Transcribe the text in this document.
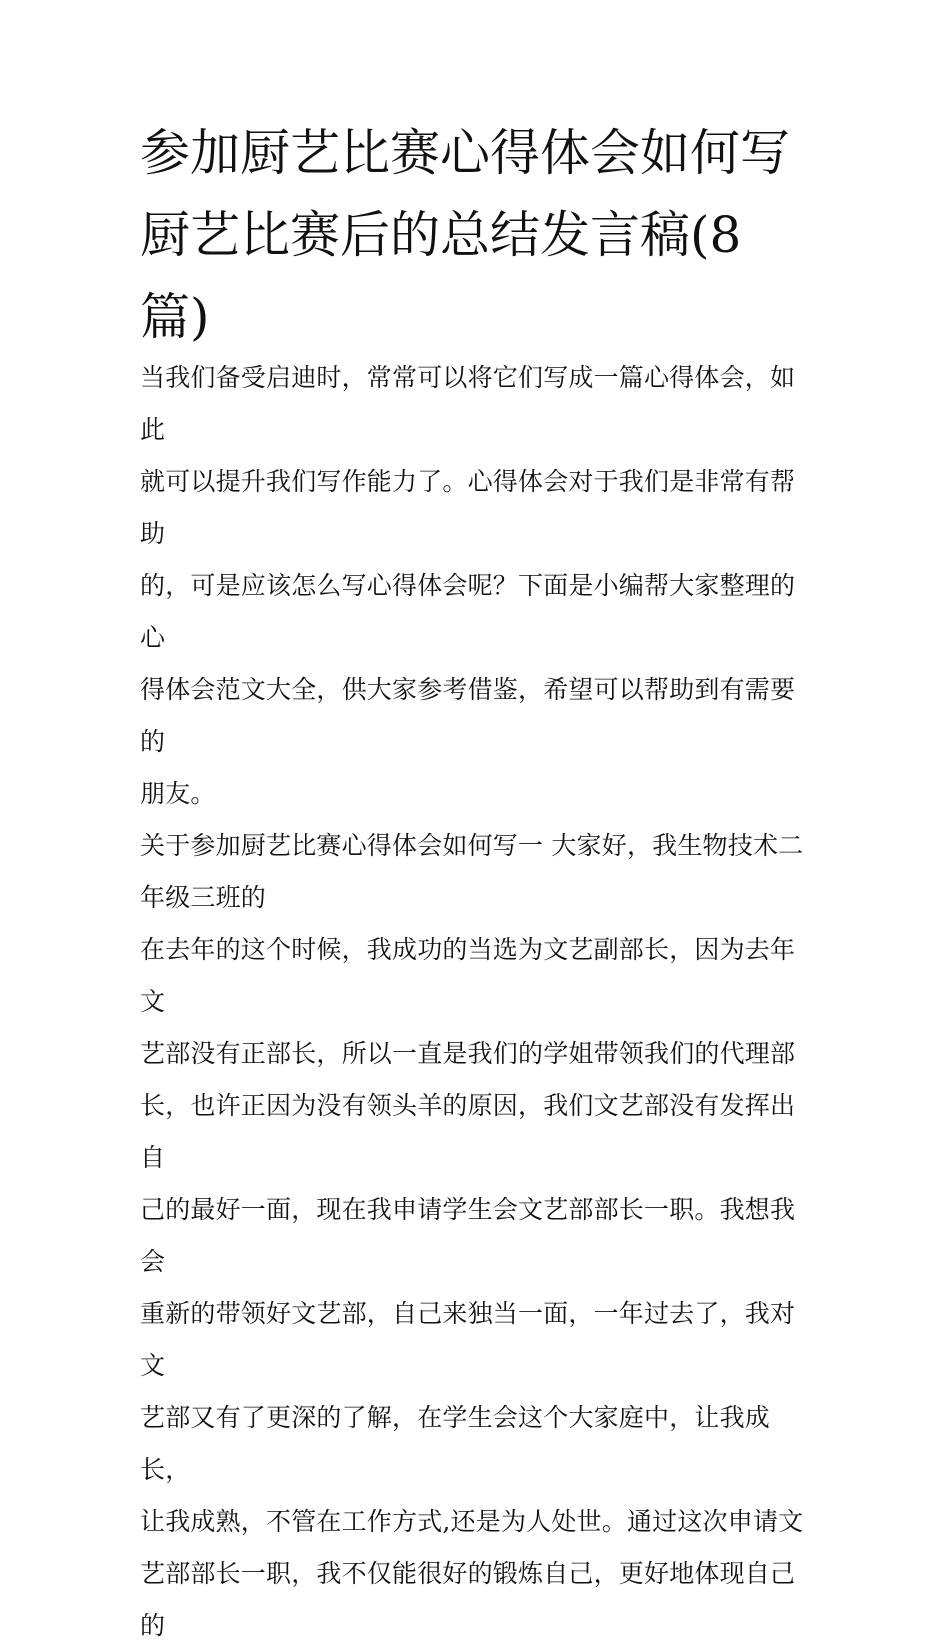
参加厨艺比赛心得体会如何写
厨艺比赛后的总结发言稿(8
篇)
当我们备受启迪时，常常可以将它们写成一篇心得体会，如此
就可以提升我们写作能力了。心得体会对于我们是非常有帮助
的，可是应该怎么写心得体会呢？下面是小编帮大家整理的心
得体会范文大全，供大家参考借鉴，希望可以帮助到有需要的
朋友。
关于参加厨艺比赛心得体会如何写一 大家好，我生物技术二
年级三班的
在去年的这个时候，我成功的当选为文艺副部长，因为去年文
艺部没有正部长，所以一直是我们的学姐带领我们的代理部
长，也许正因为没有领头羊的原因，我们文艺部没有发挥出自
己的最好一面，现在我申请学生会文艺部部长一职。我想我会
重新的带领好文艺部，自己来独当一面，一年过去了，我对文
艺部又有了更深的了解，在学生会这个大家庭中，让我成长，
让我成熟，不管在工作方式,还是为人处世。通过这次申请文
艺部部长一职，我不仅能很好的锻炼自己，更好地体现自己的
